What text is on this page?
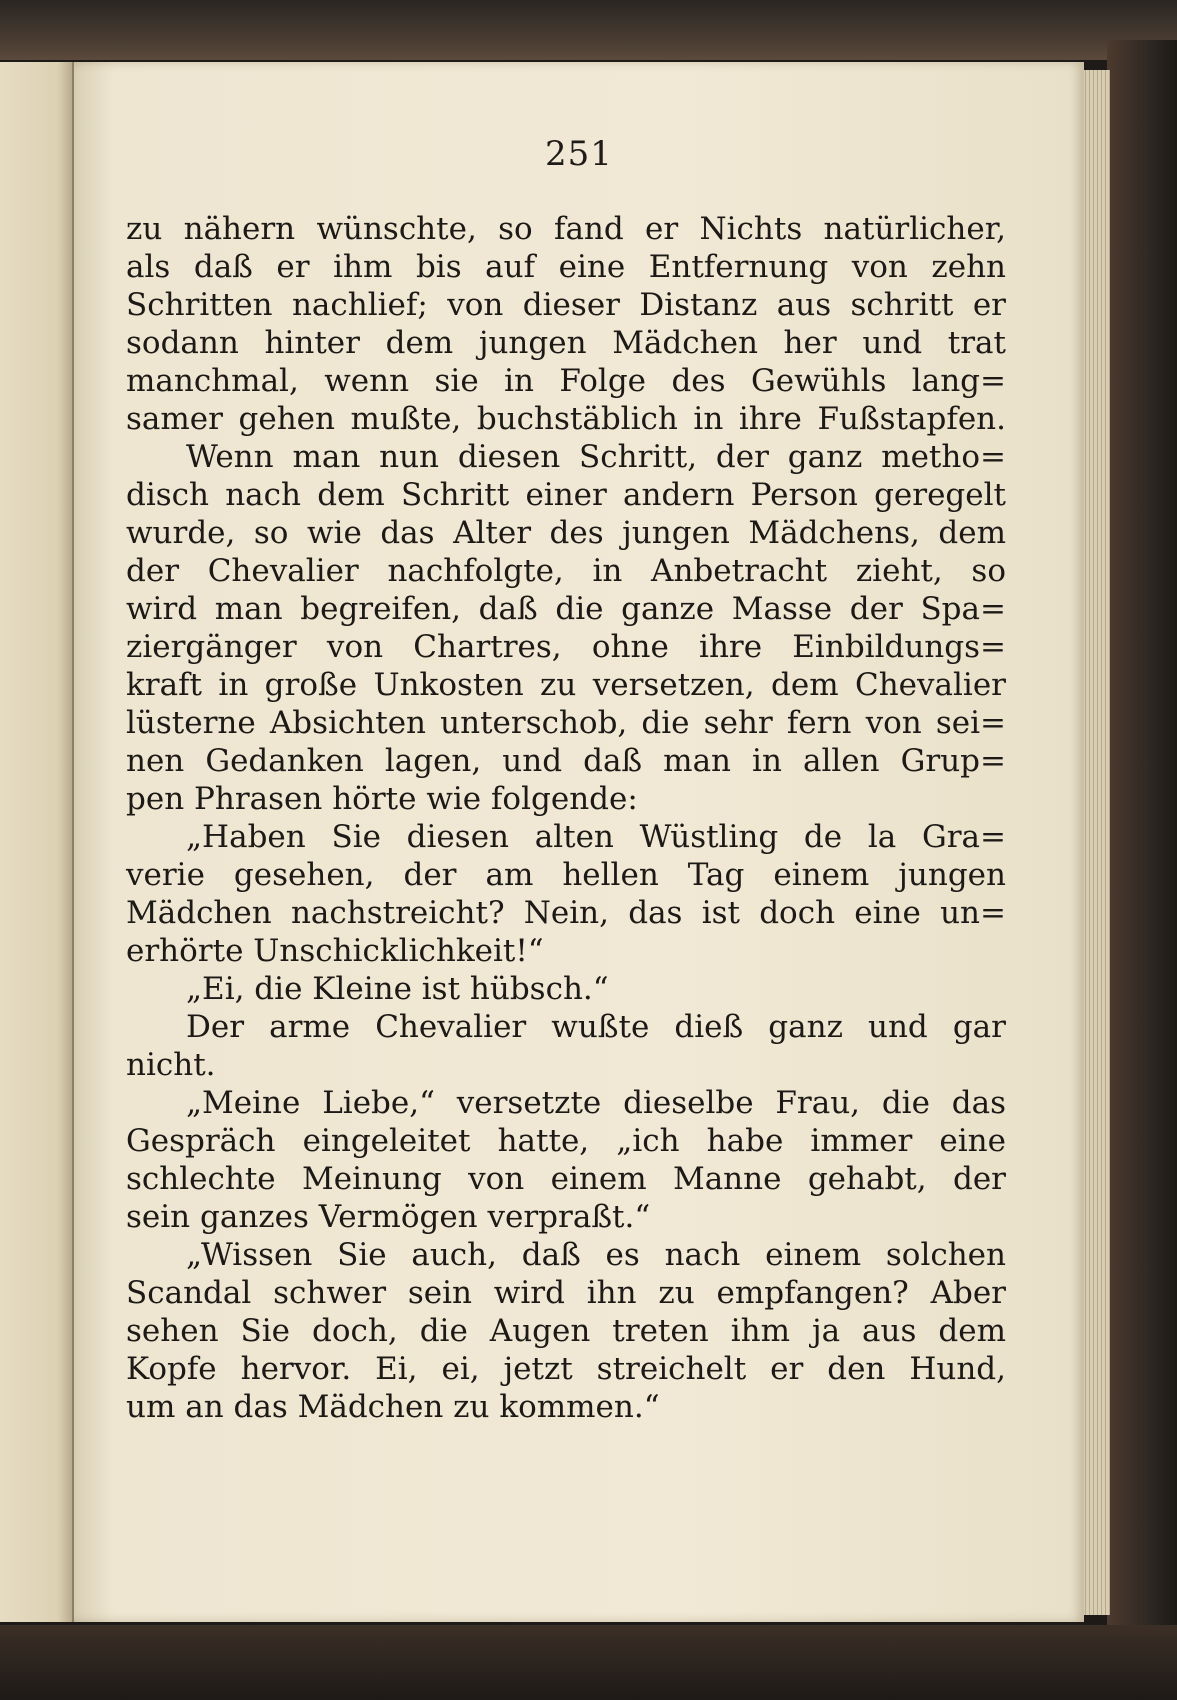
251
zu nähern wünschte, so fand er Nichts natürlicher,
als daß er ihm bis auf eine Entfernung von zehn
Schritten nachlief; von dieser Distanz aus schritt er
sodann hinter dem jungen Mädchen her und trat
manchmal, wenn sie in Folge des Gewühls lang=
samer gehen mußte, buchstäblich in ihre Fußstapfen.
Wenn man nun diesen Schritt, der ganz metho=
disch nach dem Schritt einer andern Person geregelt
wurde, so wie das Alter des jungen Mädchens, dem
der Chevalier nachfolgte, in Anbetracht zieht, so
wird man begreifen, daß die ganze Masse der Spa=
ziergänger von Chartres, ohne ihre Einbildungs=
kraft in große Unkosten zu versetzen, dem Chevalier
lüsterne Absichten unterschob, die sehr fern von sei=
nen Gedanken lagen, und daß man in allen Grup=
pen Phrasen hörte wie folgende:
„Haben Sie diesen alten Wüstling de la Gra=
verie gesehen, der am hellen Tag einem jungen
Mädchen nachstreicht? Nein, das ist doch eine un=
erhörte Unschicklichkeit!“
„Ei, die Kleine ist hübsch.“
Der arme Chevalier wußte dieß ganz und gar
nicht.
„Meine Liebe,“ versetzte dieselbe Frau, die das
Gespräch eingeleitet hatte, „ich habe immer eine
schlechte Meinung von einem Manne gehabt, der
sein ganzes Vermögen verpraßt.“
„Wissen Sie auch, daß es nach einem solchen
Scandal schwer sein wird ihn zu empfangen? Aber
sehen Sie doch, die Augen treten ihm ja aus dem
Kopfe hervor. Ei, ei, jetzt streichelt er den Hund,
um an das Mädchen zu kommen.“
